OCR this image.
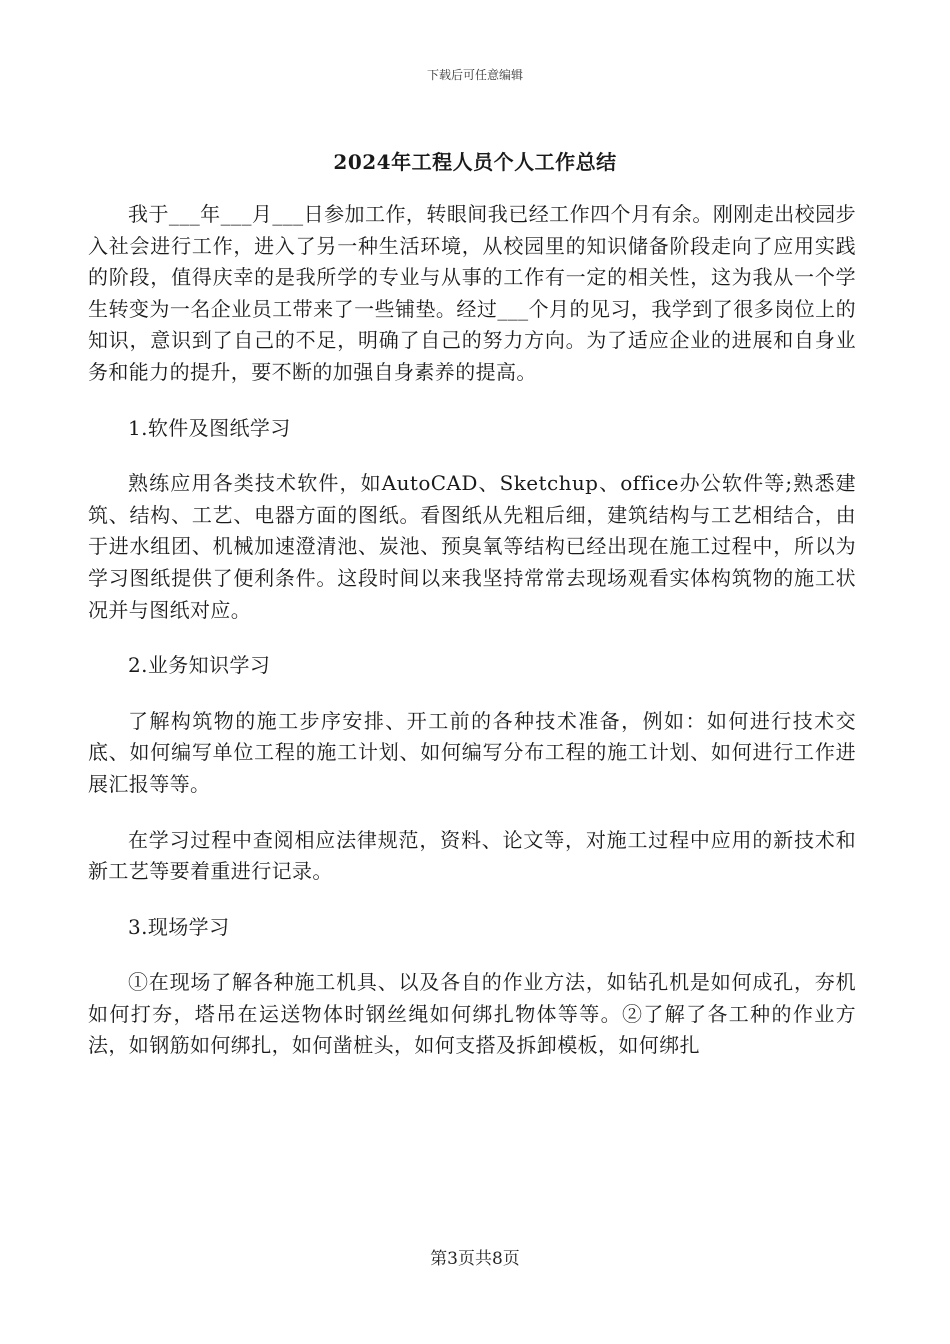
下载后可任意编辑
2024年工程人员个人工作总结

我于___年___月___日参加工作，转眼间我已经工作四个月有余。刚刚走出校园步入社会进行工作，进入了另一种生活环境，从校园里的知识储备阶段走向了应用实践的阶段，值得庆幸的是我所学的专业与从事的工作有一定的相关性，这为我从一个学生转变为一名企业员工带来了一些铺垫。经过___个月的见习，我学到了很多岗位上的知识，意识到了自己的不足，明确了自己的努力方向。为了适应企业的进展和自身业务和能力的提升，要不断的加强自身素养的提高。

1.软件及图纸学习

熟练应用各类技术软件，如AutoCAD、Sketchup、office办公软件等;熟悉建筑、结构、工艺、电器方面的图纸。看图纸从先粗后细，建筑结构与工艺相结合，由于进水组团、机械加速澄清池、炭池、预臭氧等结构已经出现在施工过程中，所以为学习图纸提供了便利条件。这段时间以来我坚持常常去现场观看实体构筑物的施工状况并与图纸对应。

2.业务知识学习

了解构筑物的施工步序安排、开工前的各种技术准备，例如：如何进行技术交底、如何编写单位工程的施工计划、如何编写分布工程的施工计划、如何进行工作进展汇报等等。

在学习过程中查阅相应法律规范，资料、论文等，对施工过程中应用的新技术和新工艺等要着重进行记录。

3.现场学习

①在现场了解各种施工机具、以及各自的作业方法，如钻孔机是如何成孔，夯机如何打夯，塔吊在运送物体时钢丝绳如何绑扎物体等等。②了解了各工种的作业方法，如钢筋如何绑扎，如何凿桩头，如何支搭及拆卸模板，如何绑扎

第3页共8页
